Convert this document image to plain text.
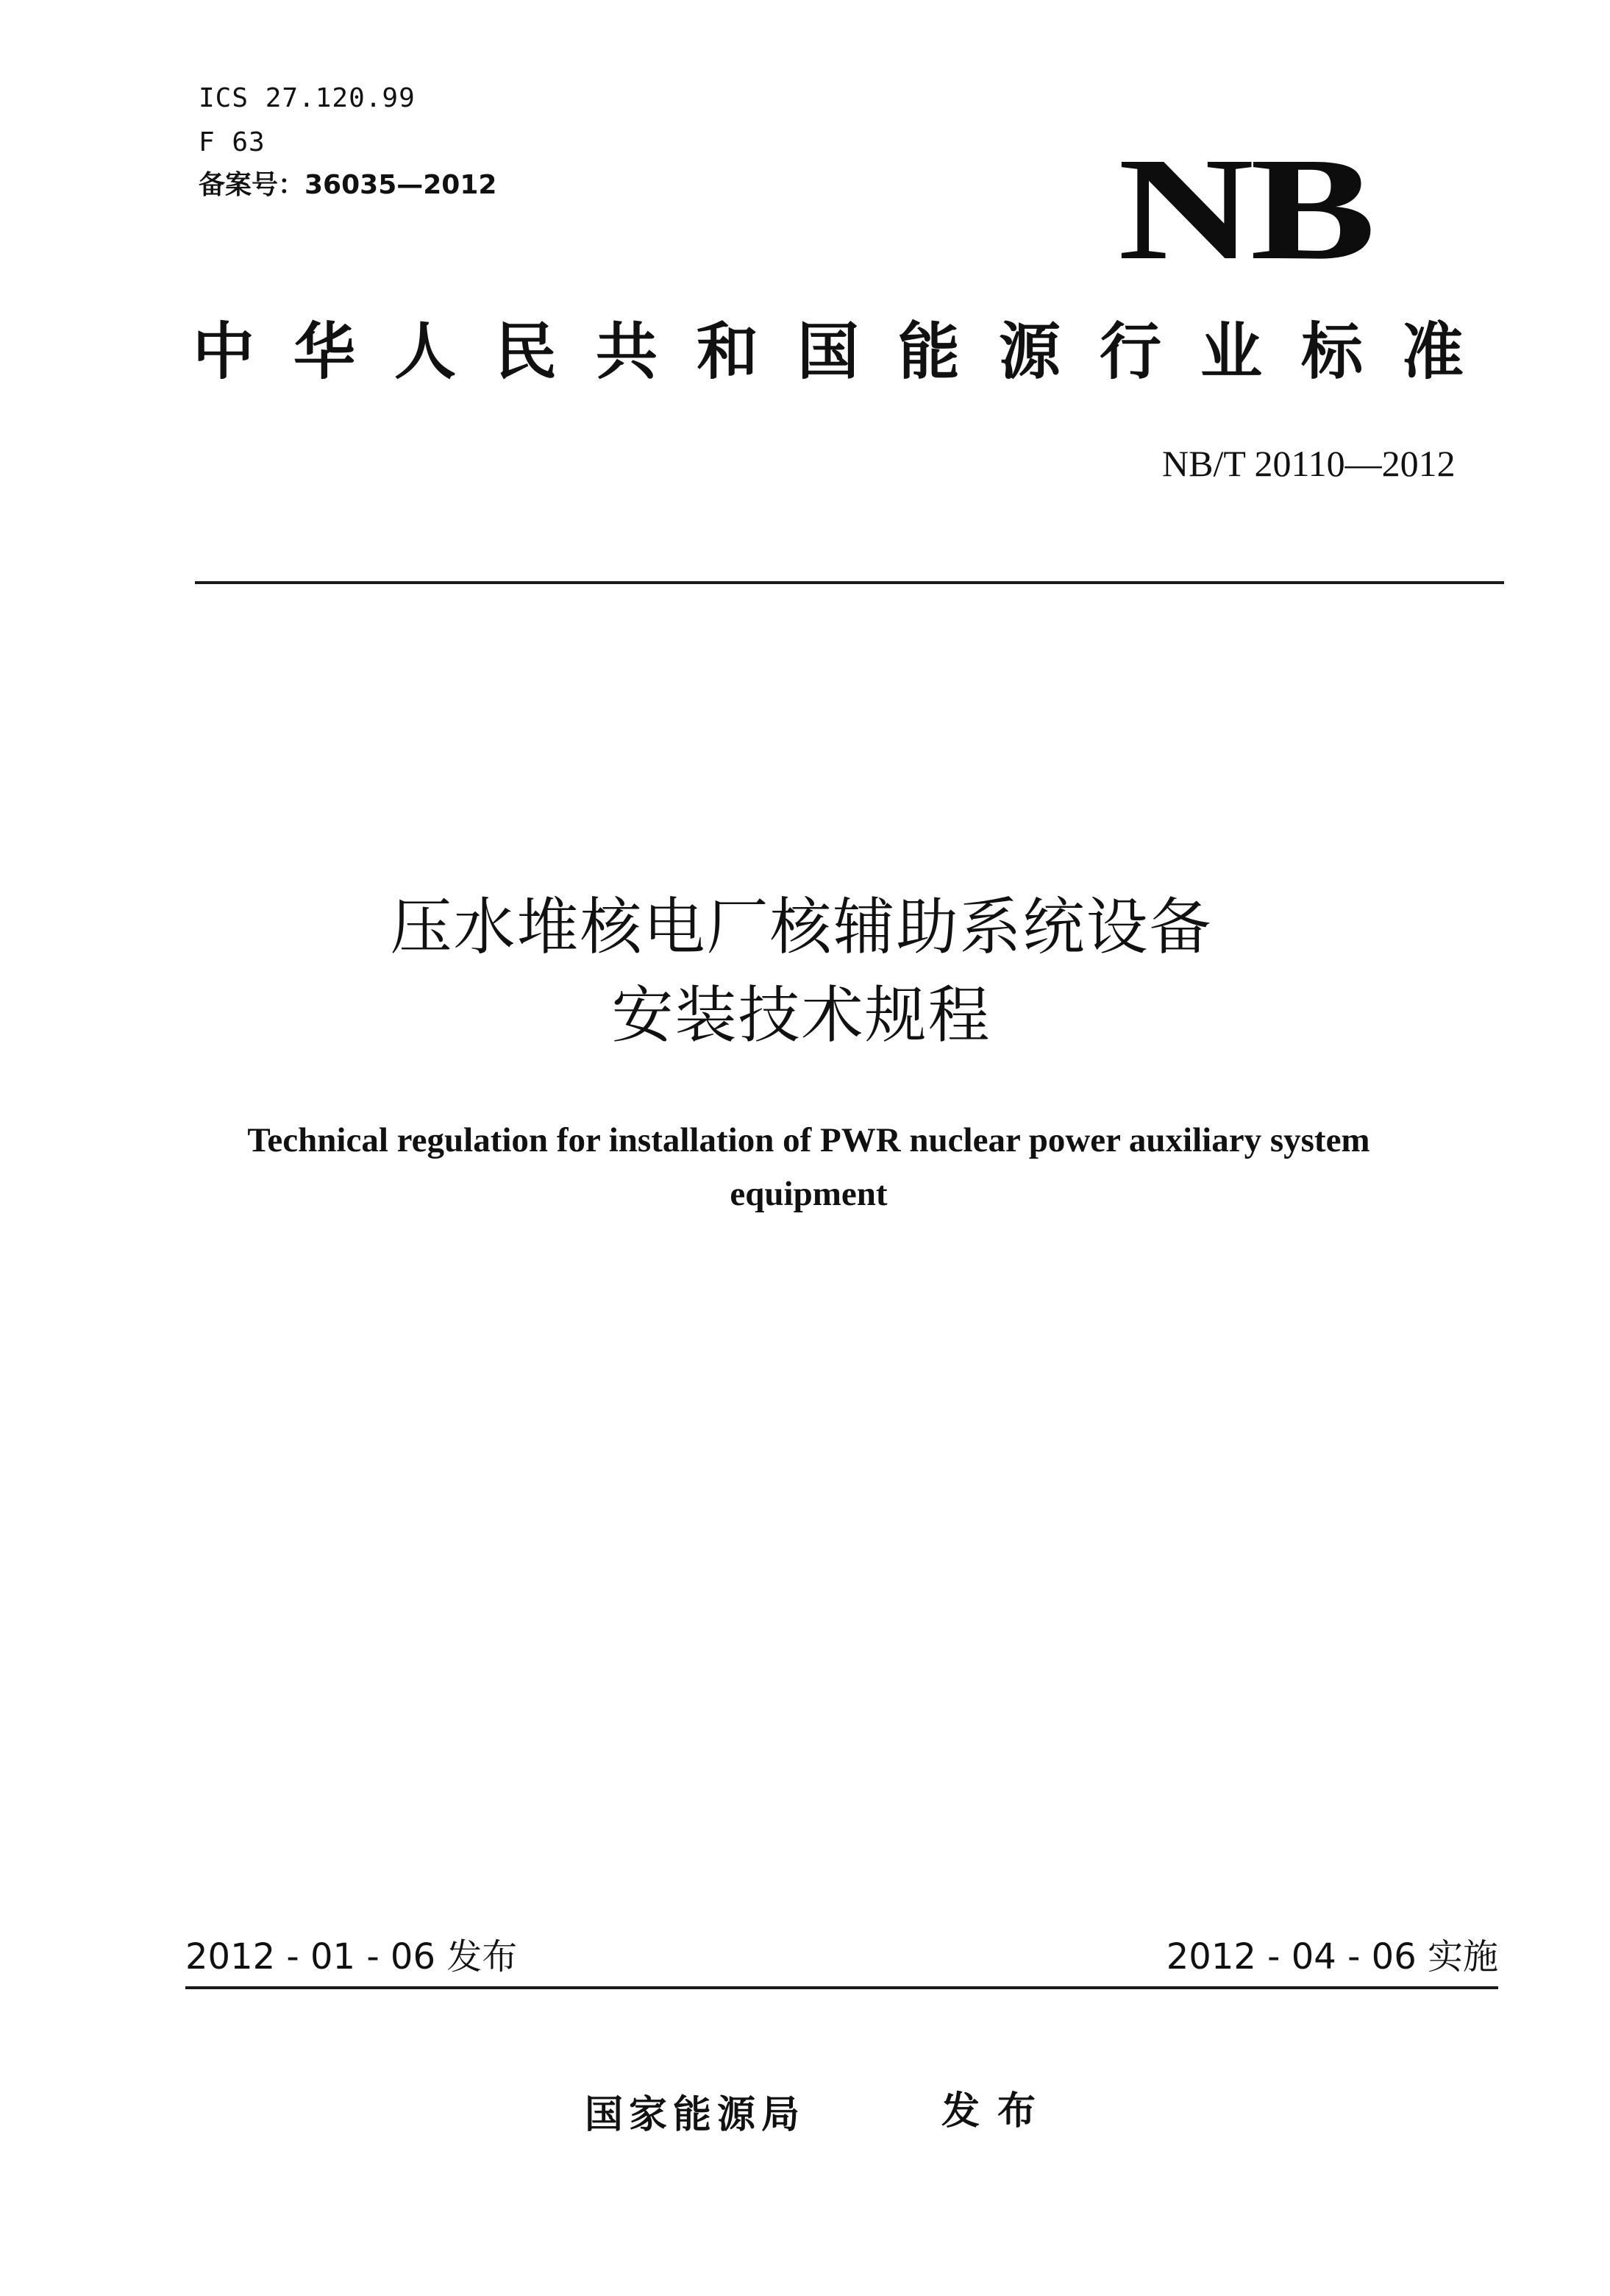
ICS 27.120.99
F 63
备案号：36035—2012	NB
中华人民共和国能源行业标准
NB/T 20110—2012
压水堆核电厂核辅助系统设备
安装技术规程
Technical regulation for installation of PWR nuclear power auxiliary system
equipment
2012 - 01 - 06 发布	2012 - 04 - 06 实施
国家能源局	发布
